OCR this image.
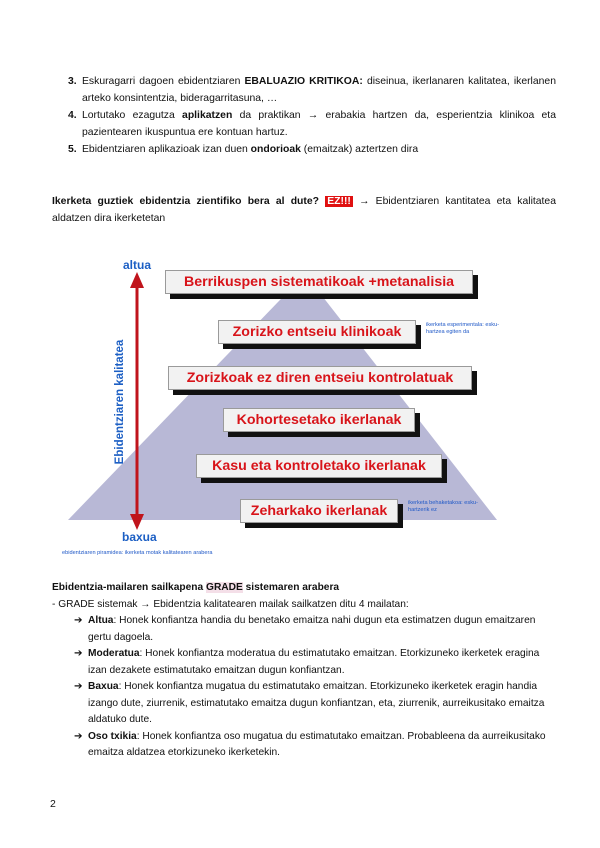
3. Eskuragarri dagoen ebidentziaren EBALUAZIO KRITIKOA: diseinua, ikerlanaren kalitatea, ikerlanen arteko konsintentzia, bideragarritasuna, …
4. Lortutako ezagutza aplikatzen da praktikan → erabakia hartzen da, esperientzia klinikoa eta pazientearen ikuspuntua ere kontuan hartuz.
5. Ebidentziaren aplikazioak izan duen ondorioak (emaitzak) aztertzen dira
Ikerketa guztiek ebidentzia zientifiko bera al dute? EZ!!! → Ebidentziaren kantitatea eta kalitatea aldatzen dira ikerketetan
altua
baxua
Ebidentziaren kalitatea
Berrikuspen sistematikoak +metanalisia
Zorizko entseiu klinikoak
Zorizkoak ez diren entseiu kontrolatuak
Kohortesetako ikerlanak
Kasu eta kontroletako ikerlanak
Zeharkako ikerlanak
ikerketa esperimentala: esku-hartzea egiten da
ikerketa behaketakoa: esku-hartzerik ez
ebidentziaren piramidea: ikerketa motak kalitatearen arabera
Ebidentzia-mailaren sailkapena GRADE sistemaren arabera
- GRADE sistemak → Ebidentzia kalitatearen mailak sailkatzen ditu 4 mailatan:
➔ Altua: Honek konfiantza handia du benetako emaitza nahi dugun eta estimatzen dugun emaitzaren gertu dagoela.
➔ Moderatua: Honek konfiantza moderatua du estimatutako emaitzan. Etorkizuneko ikerketek eragina izan dezakete estimatutako emaitzan dugun konfiantzan.
➔ Baxua: Honek konfiantza mugatua du estimatutako emaitzan. Etorkizuneko ikerketek eragin handia izango dute, ziurrenik, estimatutako emaitza dugun konfiantzan, eta, ziurrenik, aurreikusitako emaitza aldatuko dute.
➔ Oso txikia: Honek konfiantza oso mugatua du estimatutako emaitzan. Probableena da aurreikusitako emaitza aldatzea etorkizuneko ikerketekin.
2
